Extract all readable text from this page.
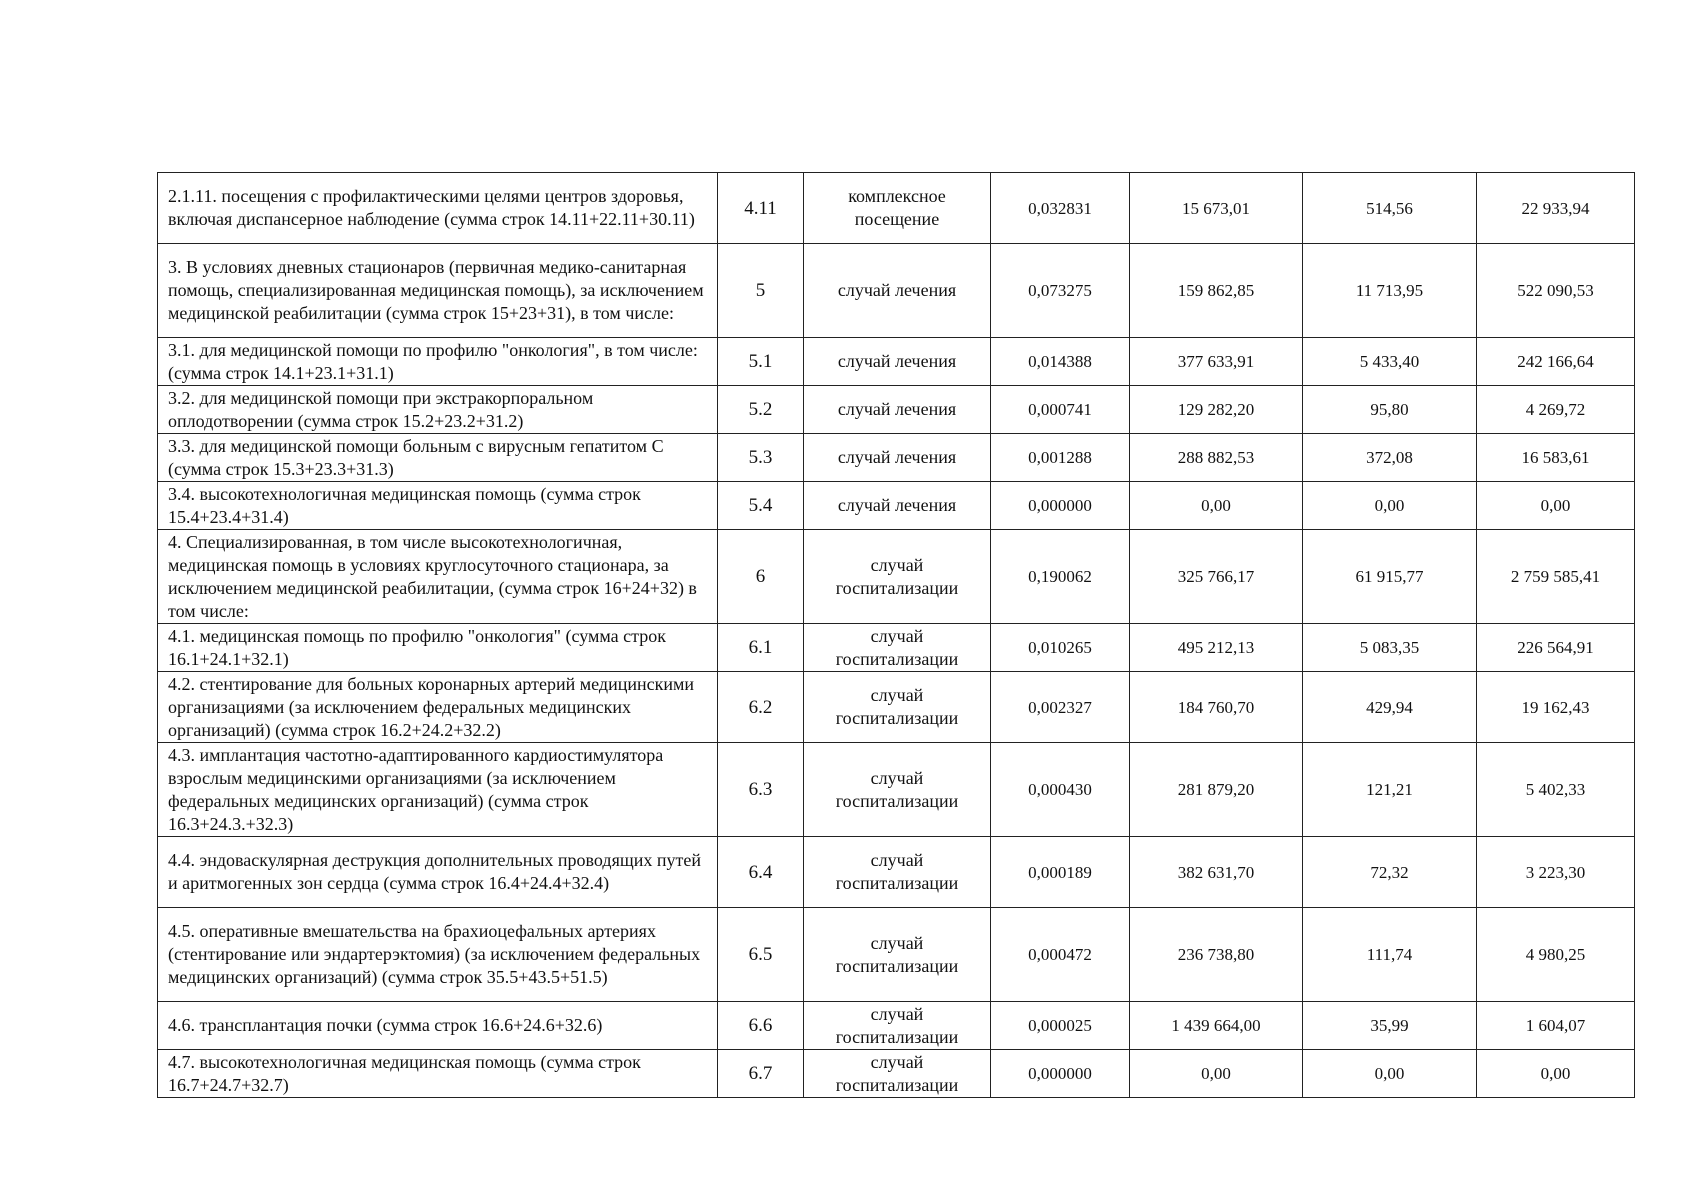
2.1.11. посещения с профилактическими целями центров здоровья, включая диспансерное наблюдение (сумма строк 14.11+22.11+30.11)	4.11	комплексное посещение	0,032831	15 673,01	514,56	22 933,94
3. В условиях дневных стационаров (первичная медико-санитарная помощь, специализированная медицинская помощь), за исключением медицинской реабилитации (сумма строк 15+23+31), в том числе:	5	случай лечения	0,073275	159 862,85	11 713,95	522 090,53
3.1. для медицинской помощи по профилю "онкология", в том числе: (сумма строк 14.1+23.1+31.1)	5.1	случай лечения	0,014388	377 633,91	5 433,40	242 166,64
3.2. для медицинской помощи при экстракорпоральном оплодотворении (сумма строк 15.2+23.2+31.2)	5.2	случай лечения	0,000741	129 282,20	95,80	4 269,72
3.3. для медицинской помощи больным с вирусным гепатитом С (сумма строк 15.3+23.3+31.3)	5.3	случай лечения	0,001288	288 882,53	372,08	16 583,61
3.4. высокотехнологичная медицинская помощь (сумма строк 15.4+23.4+31.4)	5.4	случай лечения	0,000000	0,00	0,00	0,00
4. Специализированная, в том числе высокотехнологичная, медицинская помощь в условиях круглосуточного стационара, за исключением медицинской реабилитации, (сумма строк 16+24+32) в том числе:	6	случай госпитализации	0,190062	325 766,17	61 915,77	2 759 585,41
4.1. медицинская помощь по профилю "онкология" (сумма строк 16.1+24.1+32.1)	6.1	случай госпитализации	0,010265	495 212,13	5 083,35	226 564,91
4.2. стентирование для больных коронарных артерий медицинскими организациями (за исключением федеральных медицинских организаций) (сумма строк 16.2+24.2+32.2)	6.2	случай госпитализации	0,002327	184 760,70	429,94	19 162,43
4.3. имплантация частотно-адаптированного кардиостимулятора взрослым медицинскими организациями (за исключением федеральных медицинских организаций) (сумма строк 16.3+24.3.+32.3)	6.3	случай госпитализации	0,000430	281 879,20	121,21	5 402,33
4.4. эндоваскулярная деструкция дополнительных проводящих путей и аритмогенных зон сердца (сумма строк 16.4+24.4+32.4)	6.4	случай госпитализации	0,000189	382 631,70	72,32	3 223,30
4.5. оперативные вмешательства на брахиоцефальных артериях (стентирование или эндартерэктомия) (за исключением федеральных медицинских организаций) (сумма строк 35.5+43.5+51.5)	6.5	случай госпитализации	0,000472	236 738,80	111,74	4 980,25
4.6. трансплантация почки (сумма строк 16.6+24.6+32.6)	6.6	случай госпитализации	0,000025	1 439 664,00	35,99	1 604,07
4.7. высокотехнологичная медицинская помощь (сумма строк 16.7+24.7+32.7)	6.7	случай госпитализации	0,000000	0,00	0,00	0,00
